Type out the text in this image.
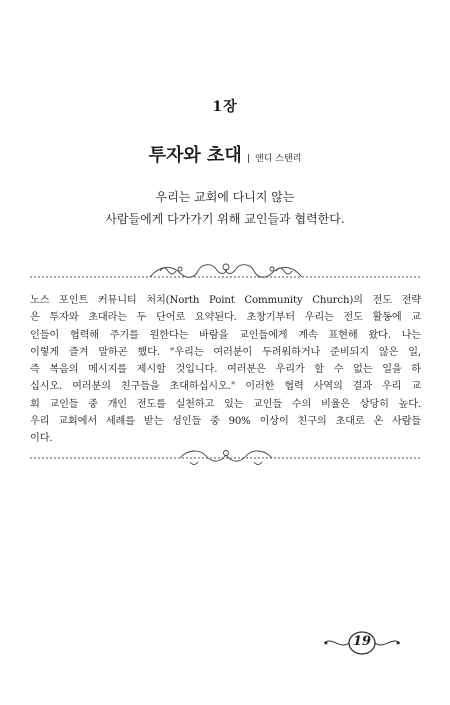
1장
투자와 초대 | 앤디 스탠리
우리는 교회에 다니지 않는
사람들에게 다가가기 위해 교인들과 협력한다.
노스 포인트 커뮤니티 처치(North Point Community Church)의 전도 전략
은 투자와 초대라는 두 단어로 요약된다. 초창기부터 우리는 전도 활동에 교
인들이 협력해 주기를 원한다는 바람을 교인들에게 계속 표현해 왔다. 나는
이렇게 즐겨 말하곤 했다. "우리는 여러분이 두려워하거나 준비되지 않은 일,
즉 복음의 메시지를 제시할 것입니다. 여러분은 우리가 할 수 없는 일을 하
십시오. 여러분의 친구들을 초대하십시오." 이러한 협력 사역의 결과 우리 교
회 교인들 중 개인 전도를 실천하고 있는 교인들 수의 비율은 상당히 높다.
우리 교회에서 세례를 받는 성인들 중 90% 이상이 친구의 초대로 온 사람들
이다.
19
